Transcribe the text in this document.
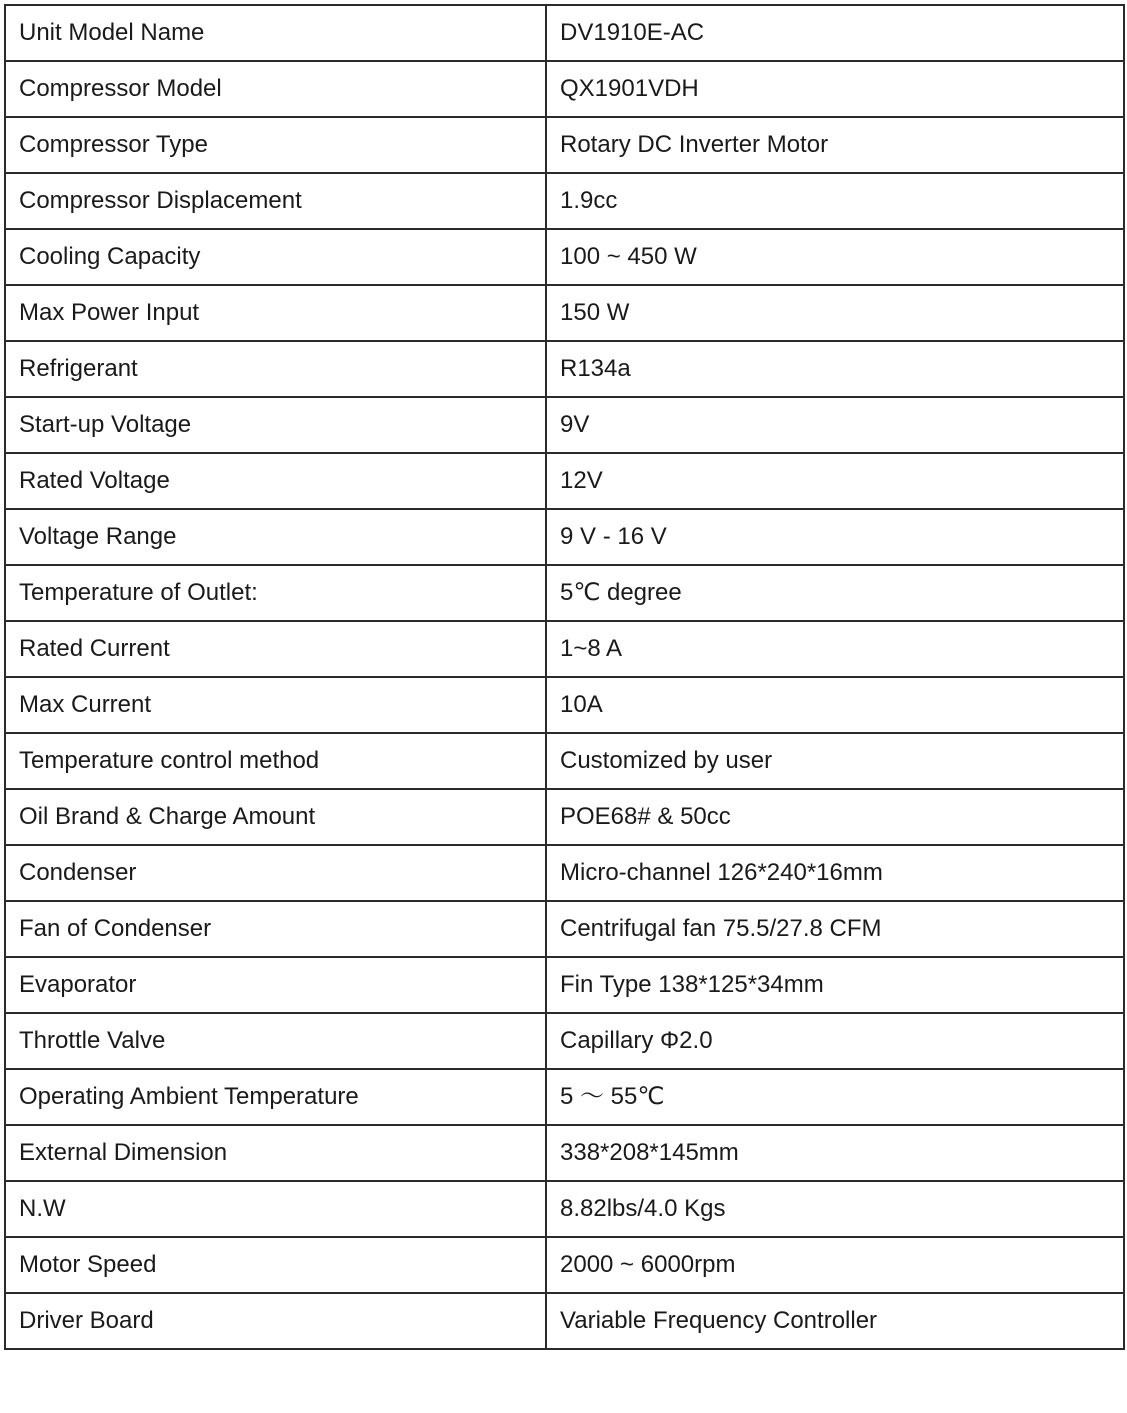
Unit Model Name	DV1910E-AC
Compressor Model	QX1901VDH
Compressor Type	Rotary DC Inverter Motor
Compressor Displacement	1.9cc
Cooling Capacity	100 ~ 450 W
Max Power Input	150 W
Refrigerant	R134a
Start-up Voltage	9V
Rated Voltage	12V
Voltage Range	9 V - 16 V
Temperature of Outlet:	5℃ degree
Rated Current	1~8 A
Max Current	10A
Temperature control method	Customized by user
Oil Brand & Charge Amount	POE68# & 50cc
Condenser	Micro-channel 126*240*16mm
Fan of Condenser	Centrifugal fan 75.5/27.8 CFM
Evaporator	Fin Type 138*125*34mm
Throttle Valve	Capillary Φ2.0
Operating Ambient Temperature	5 ～ 55℃
External Dimension	338*208*145mm
N.W	8.82lbs/4.0 Kgs
Motor Speed	2000 ~ 6000rpm
Driver Board	Variable Frequency Controller
